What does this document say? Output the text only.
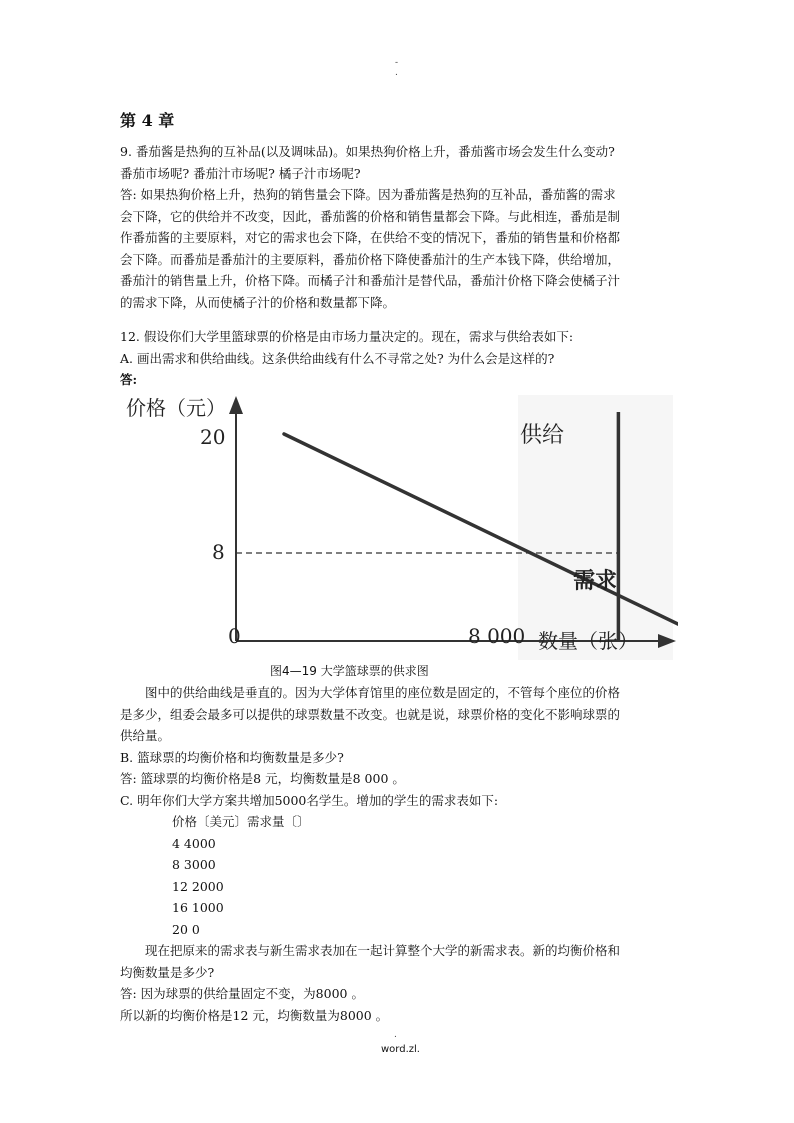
-
.
第 4 章

9. 番茄酱是热狗的互补品(以及调味品)。如果热狗价格上升，番茄酱市场会发生什么变动?

番茄市场呢? 番茄汁市场呢? 橘子汁市场呢?

答: 如果热狗价格上升，热狗的销售量会下降。因为番茄酱是热狗的互补品，番茄酱的需求

会下降，它的供给并不改变，因此，番茄酱的价格和销售量都会下降。与此相连，番茄是制

作番茄酱的主要原料，对它的需求也会下降，在供给不变的情况下，番茄的销售量和价格都

会下降。而番茄是番茄汁的主要原料，番茄价格下降使番茄汁的生产本钱下降，供给增加，

番茄汁的销售量上升，价格下降。而橘子汁和番茄汁是替代品，番茄汁价格下降会使橘子汁

的需求下降，从而使橘子汁的价格和数量都下降。

12. 假设你们大学里篮球票的价格是由市场力量决定的。现在，需求与供给表如下:

A. 画出需求和供给曲线。这条供给曲线有什么不寻常之处? 为什么会是这样的?

答:

价格（元）
数量（张）
20
8
0	8 000
供给
需求
图4—19 大学篮球票的供求图

图中的供给曲线是垂直的。因为大学体育馆里的座位数是固定的，不管每个座位的价格

是多少，组委会最多可以提供的球票数量不改变。也就是说，球票价格的变化不影响球票的

供给量。

B. 篮球票的均衡价格和均衡数量是多少?

答: 篮球票的均衡价格是8 元，均衡数量是8 000 。

C. 明年你们大学方案共增加5000名学生。增加的学生的需求表如下:

价格〔美元〕需求量〔〕

4 4000

8 3000

12 2000

16 1000

20 0

现在把原来的需求表与新生需求表加在一起计算整个大学的新需求表。新的均衡价格和

均衡数量是多少?

答: 因为球票的供给量固定不变，为8000 。

所以新的均衡价格是12 元，均衡数量为8000 。

.
word.zl.
